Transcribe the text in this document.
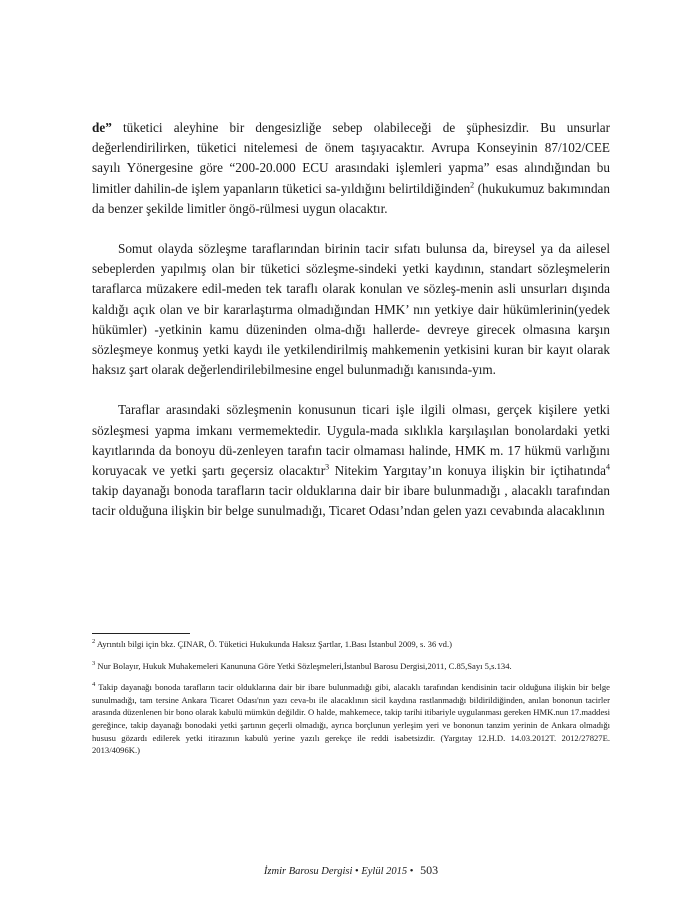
de” tüketici aleyhine bir dengesizliğe sebep olabileceği de şüphesizdir. Bu unsurlar değerlendirilirken, tüketici nitelemesi de önem taşıyacaktır. Avrupa Konseyinin 87/102/CEE sayılı Yönergesine göre “200-20.000 ECU arasındaki işlemleri yapma” esas alındığından bu limitler dahilin-de işlem yapanların tüketici sa-yıldığını belirtildiğinden$^2$ (hukukumuz bakımından da benzer şekilde limitler öngö-rülmesi uygun olacaktır.

Somut olayda sözleşme taraflarından birinin tacir sıfatı bulunsa da, bireysel ya da ailesel sebeplerden yapılmış olan bir tüketici sözleşme-sindeki yetki kaydının, standart sözleşmelerin taraflarca müzakere edil-meden tek taraflı olarak konulan ve sözleş-menin asli unsurları dışında kaldığı açık olan ve bir kararlaştırma olmadığından HMK’ nın yetkiye dair hükümlerinin(yedek hükümler) -yetkinin kamu düzeninden olma-dığı hallerde- devreye girecek olmasına karşın sözleşmeye konmuş yetki kaydı ile yetkilendirilmiş mahkemenin yetkisini kuran bir kayıt olarak haksız şart olarak değerlendirilebilmesine engel bulunmadığı kanısında-yım.

Taraflar arasındaki sözleşmenin konusunun ticari işle ilgili olması, gerçek kişilere yetki sözleşmesi yapma imkanı vermemektedir. Uygula-mada sıklıkla karşılaşılan bonolardaki yetki kayıtlarında da bonoyu dü-zenleyen tarafın tacir olmaması halinde, HMK m. 17 hükmü varlığını koruyacak ve yetki şartı geçersiz olacaktır$^3$ Nitekim Yargıtay’ın konuya ilişkin bir içtihatında$^4$ takip dayanağı bonoda tarafların tacir olduklarına dair bir ibare bulunmadığı , alacaklı tarafından tacir olduğuna ilişkin bir belge sunulmadığı, Ticaret Odası’ndan gelen yazı cevabında alacaklının

$^2$ Ayrıntılı bilgi için bkz. ÇINAR, Ö. Tüketici Hukukunda Haksız Şartlar, 1.Bası İstanbul 2009, s. 36 vd.)

$^3$ Nur Bolayır, Hukuk Muhakemeleri Kanununa Göre Yetki Sözleşmeleri,İstanbul Barosu Dergisi,2011, C.85,Sayı 5,s.134.

$^4$ Takip dayanağı bonoda tarafların tacir olduklarına dair bir ibare bulunmadığı gibi, alacaklı tarafından kendisinin tacir olduğuna ilişkin bir belge sunulmadığı, tam tersine Ankara Ticaret Odası'nın yazı ceva-bı ile alacaklının sicil kaydına rastlanmadığı bildirildiğinden, anılan bononun tacirler arasında düzenlenen bir bono olarak kabulü mümkün değildir. O halde, mahkemece, takip tarihi itibariyle uygulanması gereken HMK.nun 17.maddesi gereğince, takip dayanağı bonodaki yetki şartının geçerli olmadığı, ayrıca borçlunun yerleşim yeri ve bononun tanzim yerinin de Ankara olmadığı hususu gözardı edilerek yetki itirazının kabulü yerine yazılı gerekçe ile reddi isabetsizdir. (Yargıtay 12.H.D. 14.03.2012T. 2012/27827E. 2013/4096K.)

İzmir Barosu Dergisi • Eylül 2015 • 503
